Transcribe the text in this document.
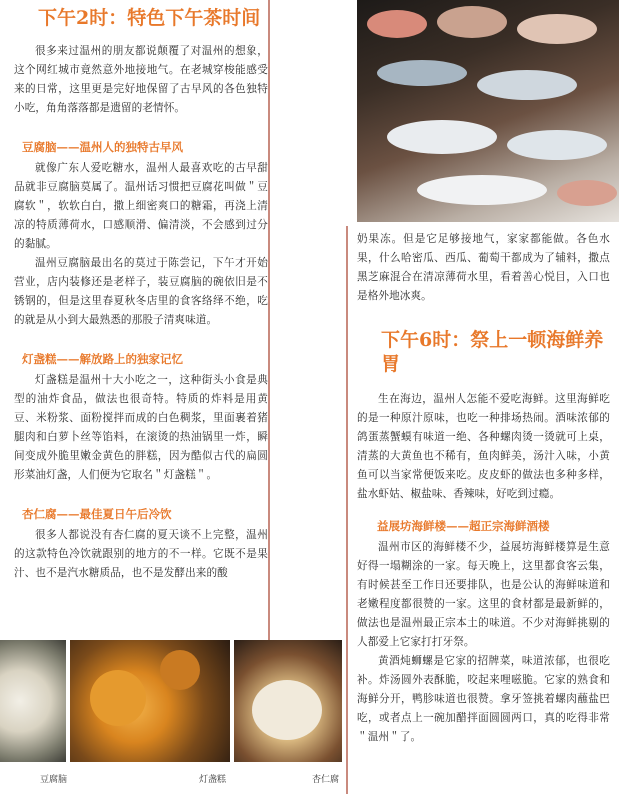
下午2时：特色下午茶时间

很多来过温州的朋友都说颠覆了对温州的想象，这个网红城市竟然意外地接地气。在老城穿梭能感受来的日常，这里更是完好地保留了古早风的各色独特小吃，角角落落都是遗留的老情怀。

豆腐脑——温州人的独特古早风

就像广东人爱吃糖水，温州人最喜欢吃的古早甜品就非豆腐脑莫属了。温州话习惯把豆腐花叫做＂豆腐软＂，软软白白，撒上细密爽口的糖霜，再浇上清凉的特质薄荷水，口感顺滑、偏清淡，不会感到过分的黏腻。

温州豆腐脑最出名的莫过于陈尝记，下午才开始营业，店内装修还是老样子，装豆腐脑的碗依旧是不锈钢的，但是这里春夏秋冬店里的食客络绎不绝，吃的就是从小到大最熟悉的那股子清爽味道。

灯盏糕——解放路上的独家记忆

灯盏糕是温州十大小吃之一，这种街头小食是典型的油炸食品，做法也很奇特。特质的炸料是用黄豆、米粉浆、面粉搅拌而成的白色稠浆，里面裹着猪腿肉和白萝卜丝等馅料，在滚烫的热油锅里一炸，瞬间变成外脆里嫩金黄色的胖糕，因为酷似古代的扁圆形菜油灯盏，人们便为它取名＂灯盏糕＂。

杏仁腐——最佳夏日午后冷饮

很多人都说没有杏仁腐的夏天谈不上完整，温州的这款特色冷饮就跟别的地方的不一样。它既不是果汁、也不是汽水糖质品，也不是发酵出来的酸

奶果冻。但是它足够接地气，家家都能做。各色水果，什么哈密瓜、西瓜、葡萄干都成为了辅料，撒点黑芝麻混合在清凉薄荷水里，看着善心悦目，入口也是格外地冰爽。

下午6时：祭上一顿海鲜养胃

生在海边，温州人怎能不爱吃海鲜。这里海鲜吃的是一种原汁原味，也吃一种排场热闹。酒味浓郁的鸽蛋蒸蟹蟆有味道一绝、各种螺肉烫一烫就可上桌，清蒸的大黄鱼也不稀有，鱼肉鲜美，汤汁入味，小黄鱼可以当家常便饭来吃。皮皮虾的做法也多种多样，盐水虾姑、椒盐味、香辣味，好吃到过瘾。

益展坊海鲜楼——超正宗海鲜酒楼

温州市区的海鲜楼不少，益展坊海鲜楼算是生意好得一塌糊涂的一家。每天晚上，这里都食客云集，有时候甚至工作日还要排队，也是公认的海鲜味道和老嫩程度都很赞的一家。这里的食材都是最新鲜的，做法也是温州最正宗本土的味道。不少对海鲜挑剔的人都爱上它家打打牙祭。

黄酒炖蛳螺是它家的招牌菜，味道浓郁，也很吃补。炸汤圆外表酥脆，咬起来哩嗞脆。它家的熟食和海鲜分开，鸭胗味道也很赞。拿牙签挑着螺肉蘸盐巴吃，或者点上一碗加醋拌面圆圆两口，真的吃得非常＂温州＂了。

豆腐脑	灯盏糕	杏仁腐
